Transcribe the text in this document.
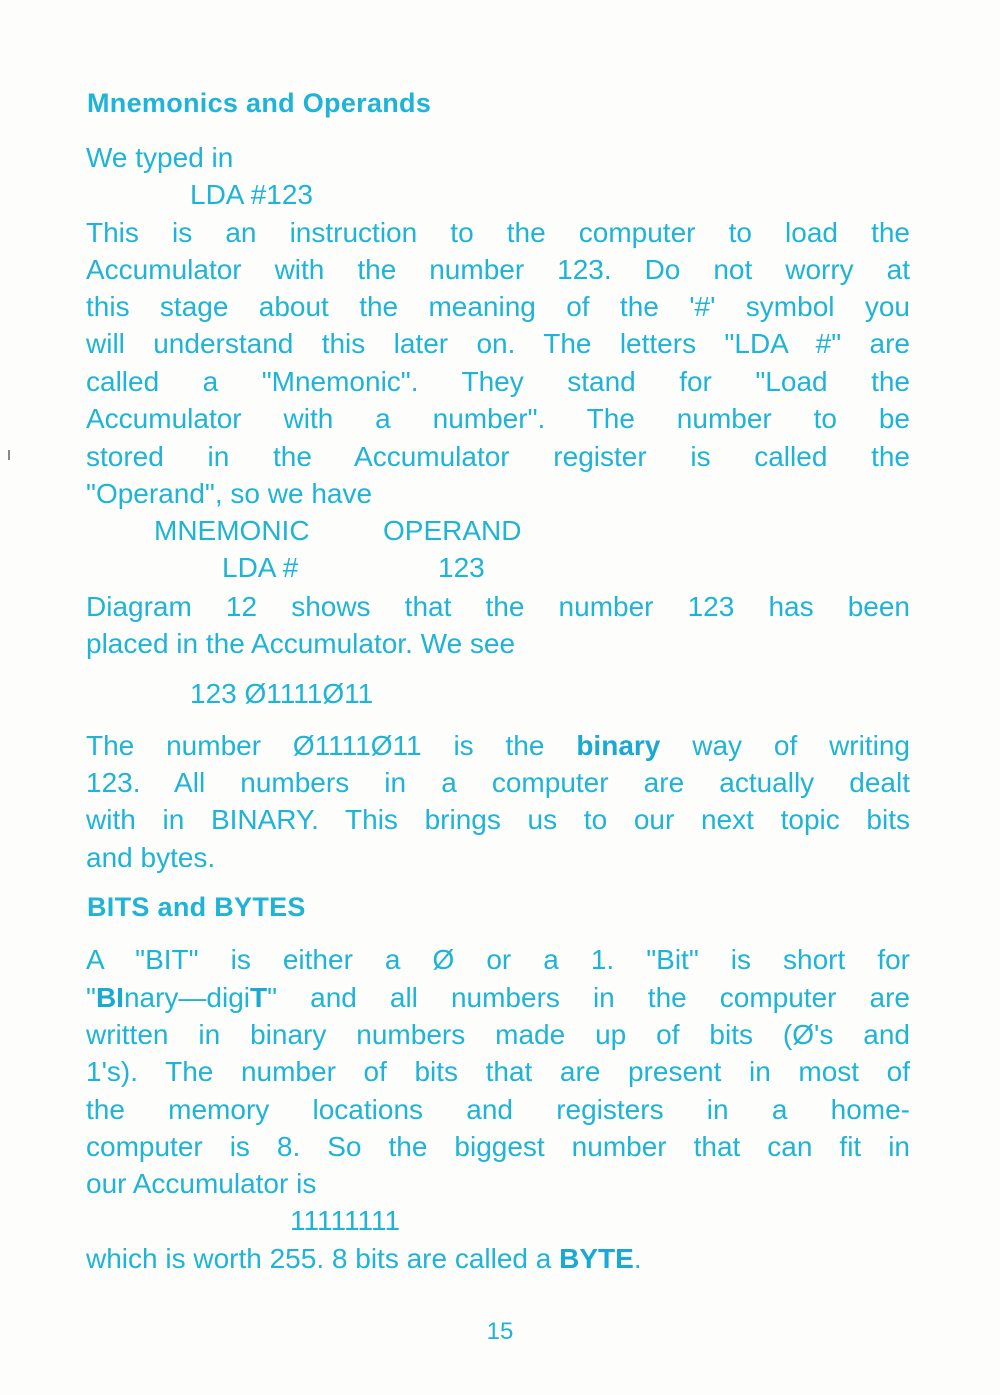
Mnemonics and Operands

We typed in

LDA #123

This is an instruction to the computer to load the

Accumulator with the number 123. Do not worry at

this stage about the meaning of the '#' symbol you

will understand this later on. The letters "LDA #" are

called a "Mnemonic". They stand for "Load the

Accumulator with a number". The number to be

stored in the Accumulator register is called the

"Operand", so we have

MNEMONIC	OPERAND

LDA #	123

Diagram 12 shows that the number 123 has been

placed in the Accumulator. We see

123 Ø1111Ø11

The number Ø1111Ø11 is the binary way of writing

123. All numbers in a computer are actually dealt

with in BINARY. This brings us to our next topic bits

and bytes.

BITS and BYTES

A "BIT" is either a Ø or a 1. "Bit" is short for

"BInary—digiT" and all numbers in the computer are

written in binary numbers made up of bits (Ø's and

1's). The number of bits that are present in most of

the memory locations and registers in a home-

computer is 8. So the biggest number that can fit in

our Accumulator is

11111111

which is worth 255. 8 bits are called a BYTE.

15
